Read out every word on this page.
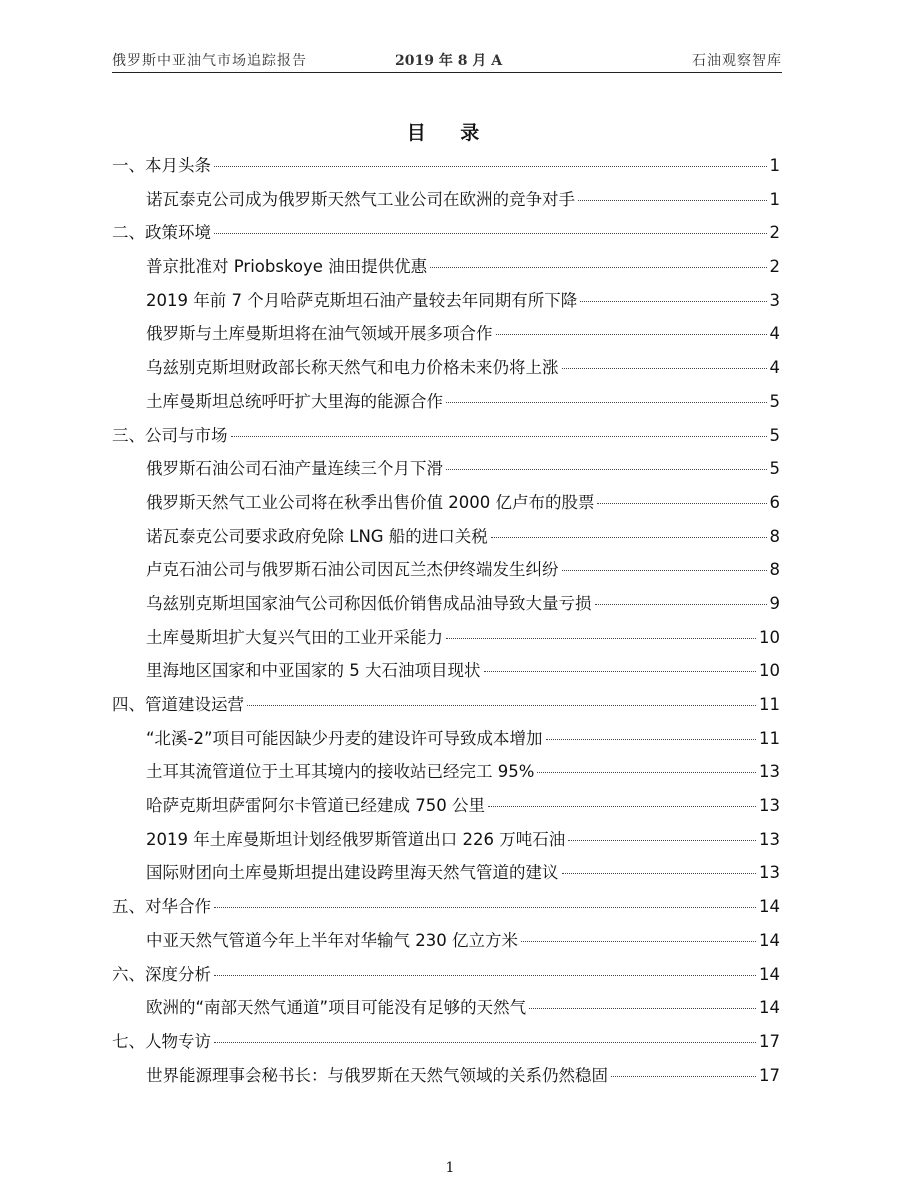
俄罗斯中亚油气市场追踪报告	2019 年 8 月 A	石油观察智库
目 录
一、本月头条	1
诺瓦泰克公司成为俄罗斯天然气工业公司在欧洲的竞争对手	1
二、政策环境	2
普京批准对 Priobskoye 油田提供优惠	2
2019 年前 7 个月哈萨克斯坦石油产量较去年同期有所下降	3
俄罗斯与土库曼斯坦将在油气领域开展多项合作	4
乌兹别克斯坦财政部长称天然气和电力价格未来仍将上涨	4
土库曼斯坦总统呼吁扩大里海的能源合作	5
三、公司与市场	5
俄罗斯石油公司石油产量连续三个月下滑	5
俄罗斯天然气工业公司将在秋季出售价值 2000 亿卢布的股票	6
诺瓦泰克公司要求政府免除 LNG 船的进口关税	8
卢克石油公司与俄罗斯石油公司因瓦兰杰伊终端发生纠纷	8
乌兹别克斯坦国家油气公司称因低价销售成品油导致大量亏损	9
土库曼斯坦扩大复兴气田的工业开采能力	10
里海地区国家和中亚国家的 5 大石油项目现状	10
四、管道建设运营	11
“北溪-2”项目可能因缺少丹麦的建设许可导致成本增加	11
土耳其流管道位于土耳其境内的接收站已经完工 95%	13
哈萨克斯坦萨雷阿尔卡管道已经建成 750 公里	13
2019 年土库曼斯坦计划经俄罗斯管道出口 226 万吨石油	13
国际财团向土库曼斯坦提出建设跨里海天然气管道的建议	13
五、对华合作	14
中亚天然气管道今年上半年对华输气 230 亿立方米	14
六、深度分析	14
欧洲的“南部天然气通道”项目可能没有足够的天然气	14
七、人物专访	17
世界能源理事会秘书长：与俄罗斯在天然气领域的关系仍然稳固	17
1
